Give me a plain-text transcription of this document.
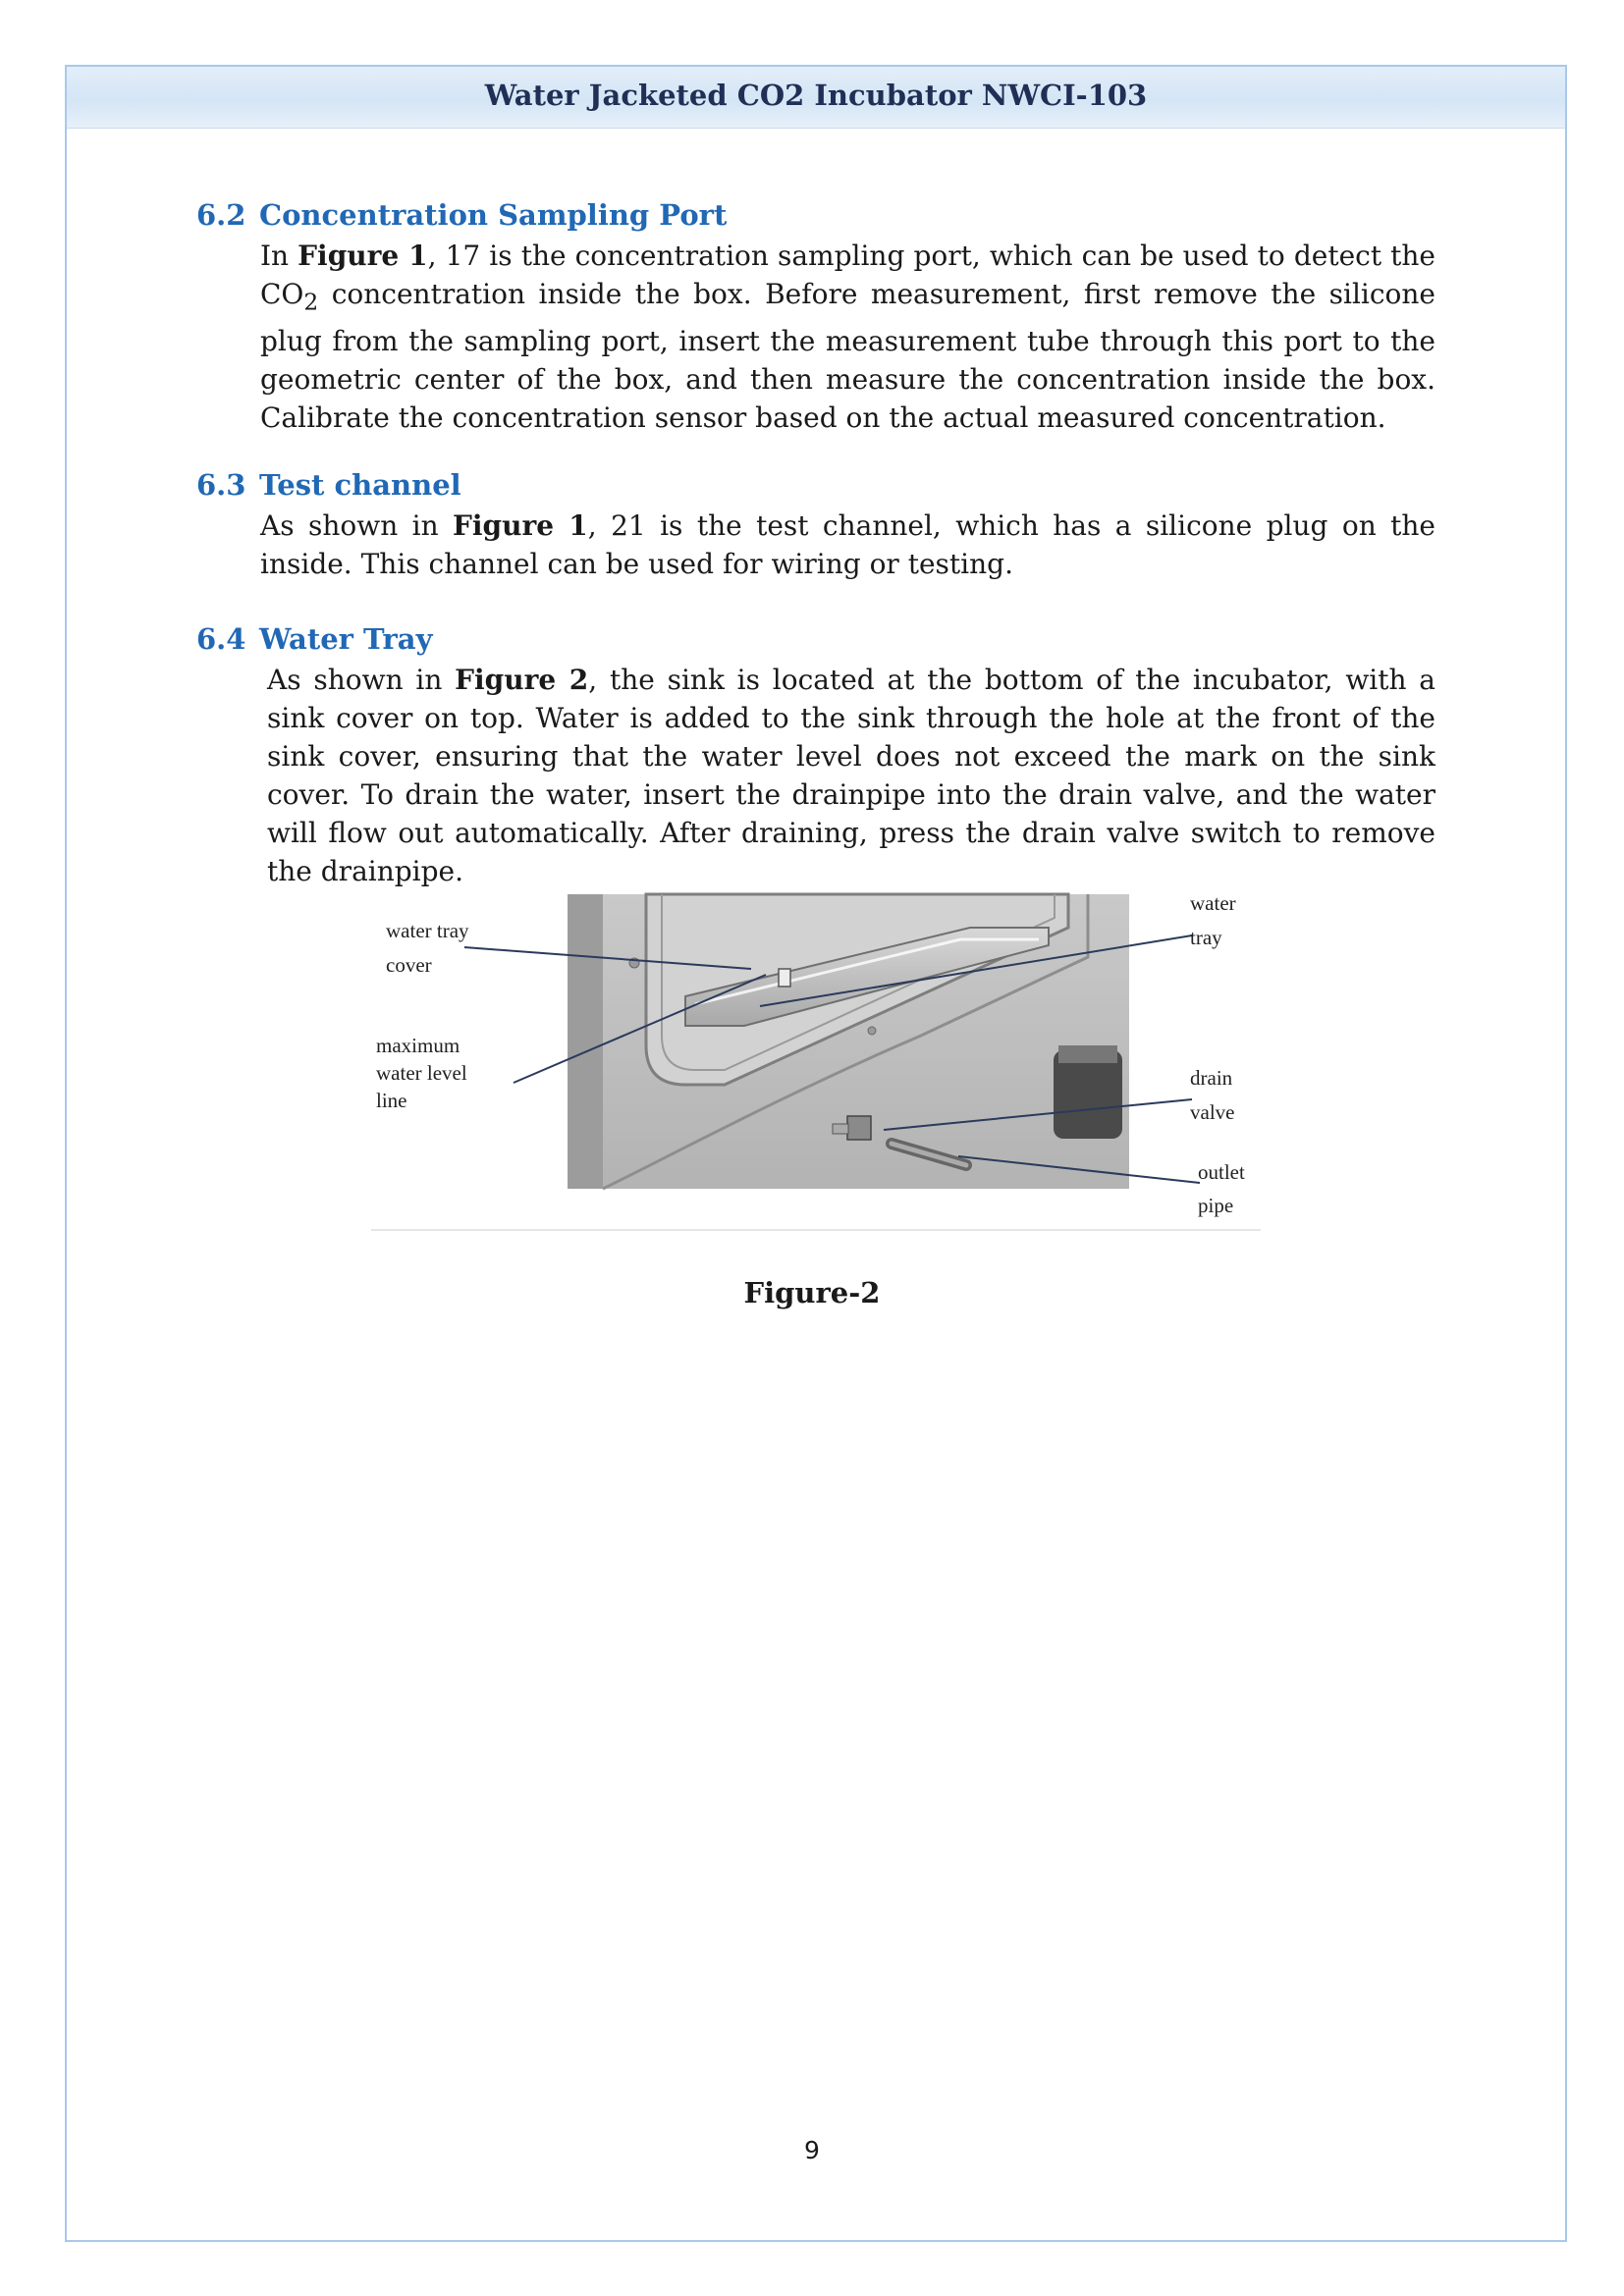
Water Jacketed CO2 Incubator NWCI-103
6.2 Concentration Sampling Port

In Figure 1, 17 is the concentration sampling port, which can be used to detect the $CO_2$ concentration inside the box. Before measurement, first remove the silicone plug from the sampling port, insert the measurement tube through this port to the geometric center of the box, and then measure the concentration inside the box. Calibrate the concentration sensor based on the actual measured concentration.

6.3 Test channel

As shown in Figure 1, 21 is the test channel, which has a silicone plug on the inside. This channel can be used for wiring or testing.

6.4 Water Tray

As shown in Figure 2, the sink is located at the bottom of the incubator, with a sink cover on top. Water is added to the sink through the hole at the front of the sink cover, ensuring that the water level does not exceed the mark on the sink cover. To drain the water, insert the drainpipe into the drain valve, and the water will flow out automatically. After draining, press the drain valve switch to remove the drainpipe.

water tray
cover
maximum
water level
line
water
tray
drain
valve
outlet
pipe
Figure-2
9
